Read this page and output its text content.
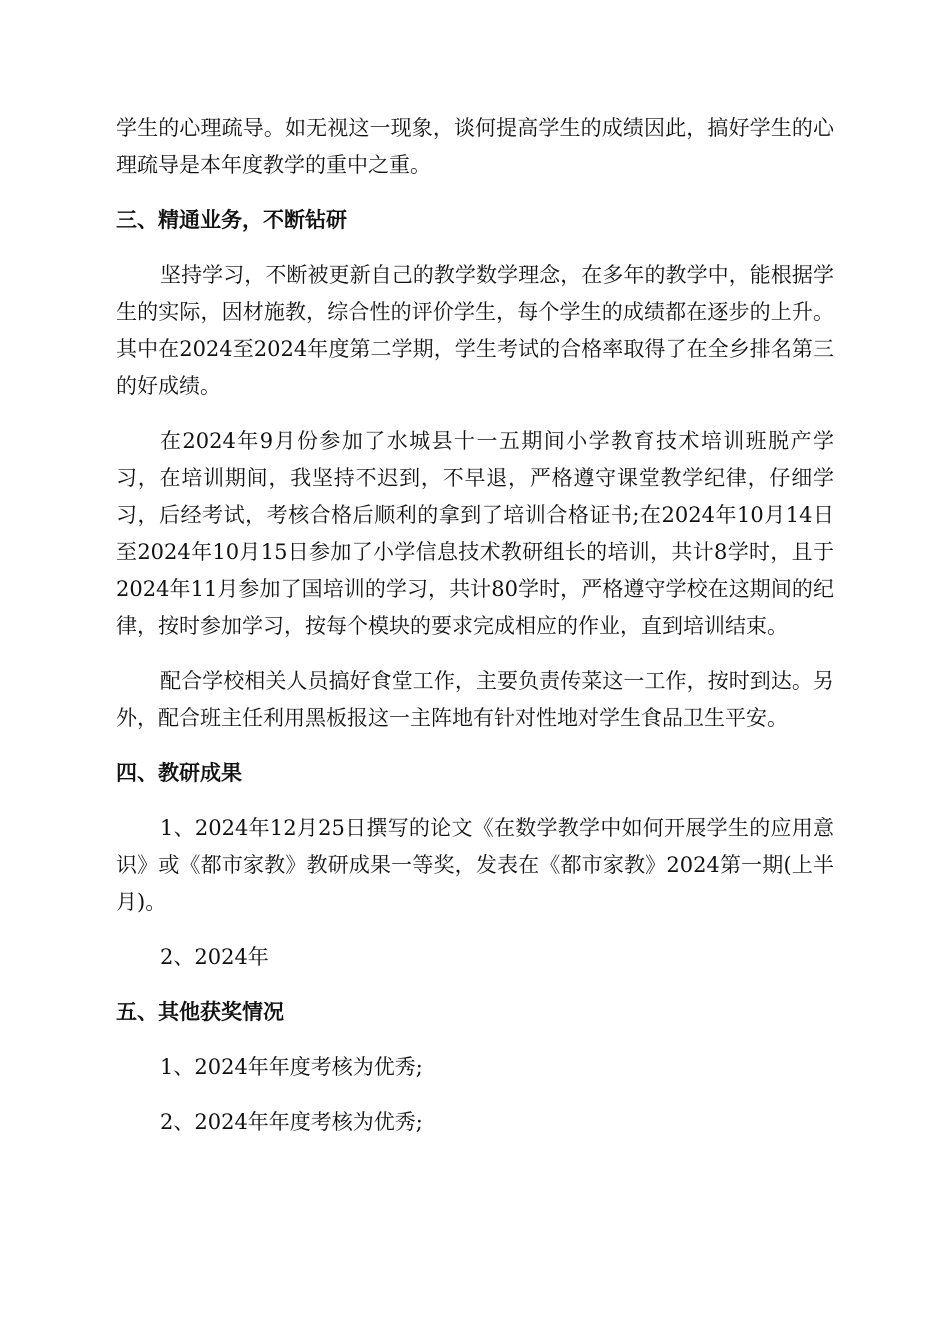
学生的心理疏导。如无视这一现象，谈何提高学生的成绩因此，搞好学生的心理疏导是本年度教学的重中之重。

三、精通业务，不断钻研

坚持学习，不断被更新自己的教学数学理念，在多年的教学中，能根据学生的实际，因材施教，综合性的评价学生，每个学生的成绩都在逐步的上升。其中在2024至2024年度第二学期，学生考试的合格率取得了在全乡排名第三的好成绩。

在2024年9月份参加了水城县十一五期间小学教育技术培训班脱产学习，在培训期间，我坚持不迟到，不早退，严格遵守课堂教学纪律，仔细学习，后经考试，考核合格后顺利的拿到了培训合格证书;在2024年10月14日至2024年10月15日参加了小学信息技术教研组长的培训，共计8学时，且于2024年11月参加了国培训的学习，共计80学时，严格遵守学校在这期间的纪律，按时参加学习，按每个模块的要求完成相应的作业，直到培训结束。

配合学校相关人员搞好食堂工作，主要负责传菜这一工作，按时到达。另外，配合班主任利用黑板报这一主阵地有针对性地对学生食品卫生平安。

四、教研成果

1、2024年12月25日撰写的论文《在数学教学中如何开展学生的应用意识》或《都市家教》教研成果一等奖，发表在《都市家教》2024第一期(上半月)。

2、2024年

五、其他获奖情况

1、2024年年度考核为优秀;

2、2024年年度考核为优秀;
